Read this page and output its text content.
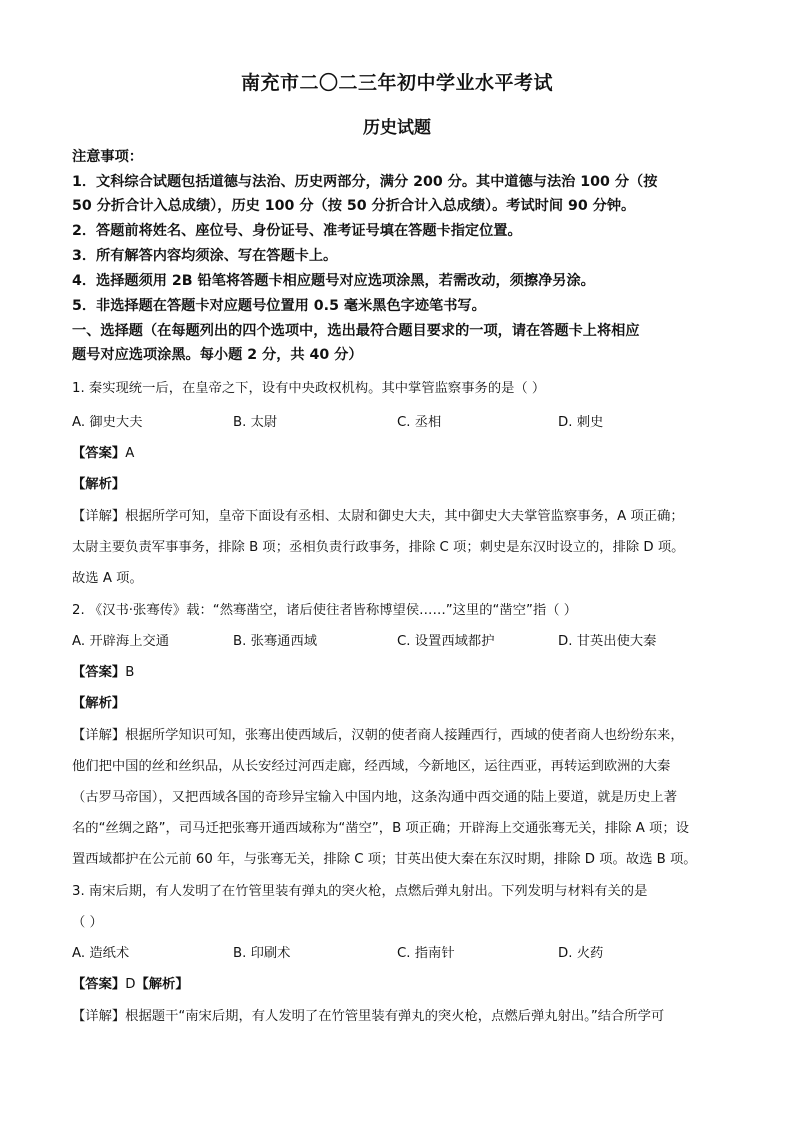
南充市二〇二三年初中学业水平考试
历史试题
注意事项：
1．文科综合试题包括道德与法治、历史两部分，满分 200 分。其中道德与法治 100 分（按
50 分折合计入总成绩），历史 100 分（按 50 分折合计入总成绩）。考试时间 90 分钟。
2．答题前将姓名、座位号、身份证号、准考证号填在答题卡指定位置。
3．所有解答内容均须涂、写在答题卡上。
4．选择题须用 2B 铅笔将答题卡相应题号对应选项涂黑，若需改动，须擦净另涂。
5．非选择题在答题卡对应题号位置用 0.5 毫米黑色字迹笔书写。
一、选择题（在每题列出的四个选项中，选出最符合题目要求的一项，请在答题卡上将相应
题号对应选项涂黑。每小题 2 分，共 40 分）
1. 秦实现统一后，在皇帝之下，设有中央政权机构。其中掌管监察事务的是（ ）
A. 御史大夫	B. 太尉	C. 丞相	D. 刺史
【答案】A
【解析】
【详解】根据所学可知，皇帝下面设有丞相、太尉和御史大夫，其中御史大夫掌管监察事务，A 项正确；
太尉主要负责军事事务，排除 B 项；丞相负责行政事务，排除 C 项；刺史是东汉时设立的，排除 D 项。
故选 A 项。
2. 《汉书·张骞传》载：“然骞凿空，诸后使往者皆称博望侯……”这里的“凿空”指（ ）
A. 开辟海上交通	B. 张骞通西域	C. 设置西域都护	D. 甘英出使大秦
【答案】B
【解析】
【详解】根据所学知识可知，张骞出使西域后，汉朝的使者商人接踵西行，西域的使者商人也纷纷东来，
他们把中国的丝和丝织品，从长安经过河西走廊，经西域，今新地区，运往西亚，再转运到欧洲的大秦
（古罗马帝国），又把西域各国的奇珍异宝输入中国内地，这条沟通中西交通的陆上要道，就是历史上著
名的“丝绸之路”，司马迁把张骞开通西域称为“凿空”，B 项正确；开辟海上交通张骞无关，排除 A 项；设
置西域都护在公元前 60 年，与张骞无关，排除 C 项；甘英出使大秦在东汉时期，排除 D 项。故选 B 项。
3. 南宋后期，有人发明了在竹管里装有弹丸的突火枪，点燃后弹丸射出。下列发明与材料有关的是
（ ）
A. 造纸术	B. 印刷术	C. 指南针	D. 火药
【答案】D【解析】
【详解】根据题干“南宋后期，有人发明了在竹管里装有弹丸的突火枪，点燃后弹丸射出。”结合所学可
